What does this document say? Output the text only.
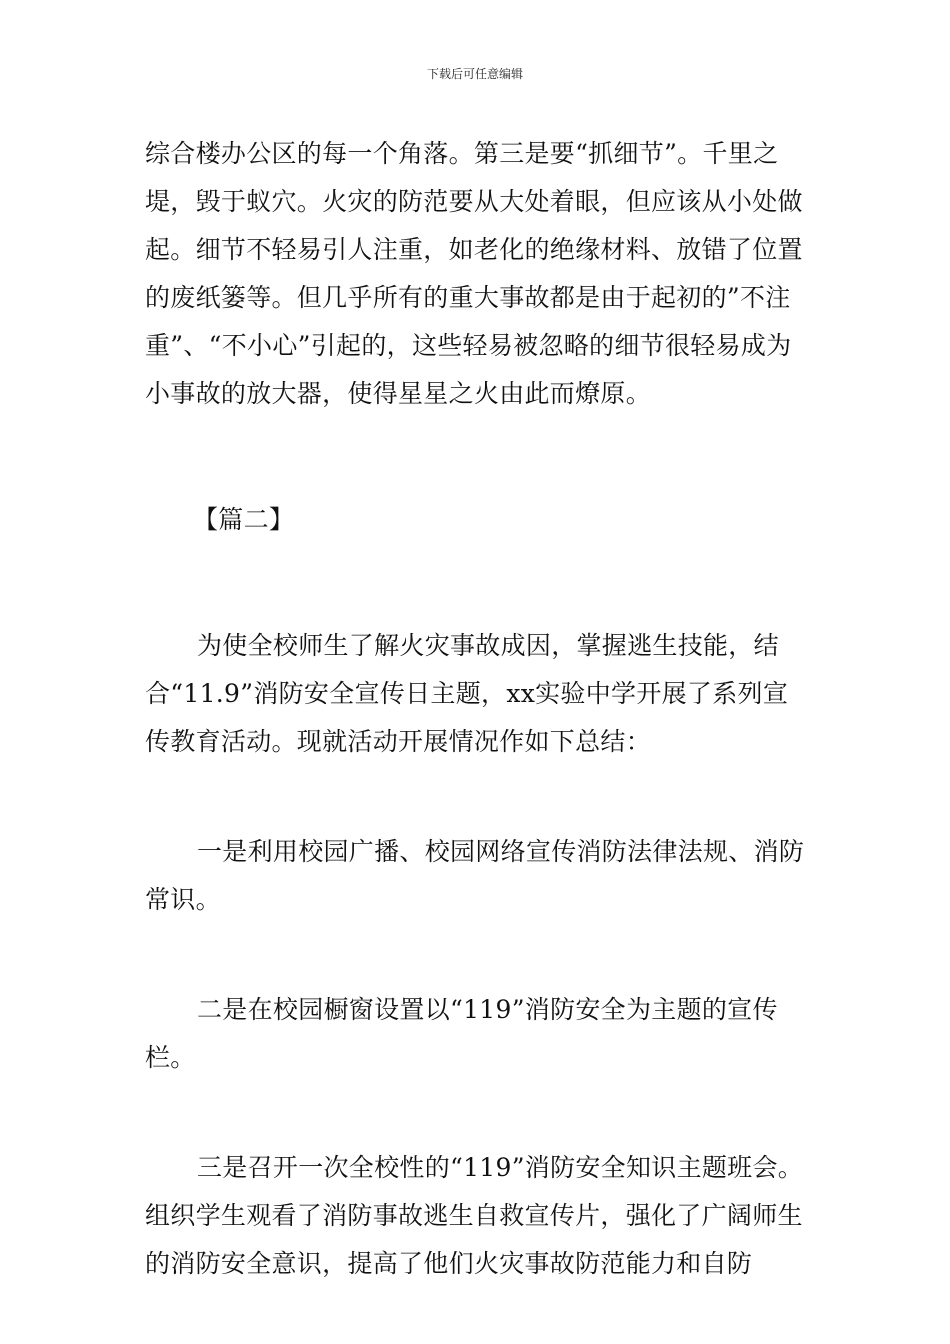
下载后可任意编辑

综合楼办公区的每一个角落。第三是要“抓细节”。千里之堤，毁于蚁穴。火灾的防范要从大处着眼，但应该从小处做起。细节不轻易引人注重，如老化的绝缘材料、放错了位置的废纸篓等。但几乎所有的重大事故都是由于起初的”不注重”、“不小心”引起的，这些轻易被忽略的细节很轻易成为小事故的放大器，使得星星之火由此而燎原。

【篇二】

为使全校师生了解火灾事故成因，掌握逃生技能，结合“11.9”消防安全宣传日主题，xx实验中学开展了系列宣传教育活动。现就活动开展情况作如下总结：

一是利用校园广播、校园网络宣传消防法律法规、消防常识。

二是在校园橱窗设置以“119”消防安全为主题的宣传栏。

三是召开一次全校性的“119”消防安全知识主题班会。组织学生观看了消防事故逃生自救宣传片，强化了广阔师生的消防安全意识，提高了他们火灾事故防范能力和自防
